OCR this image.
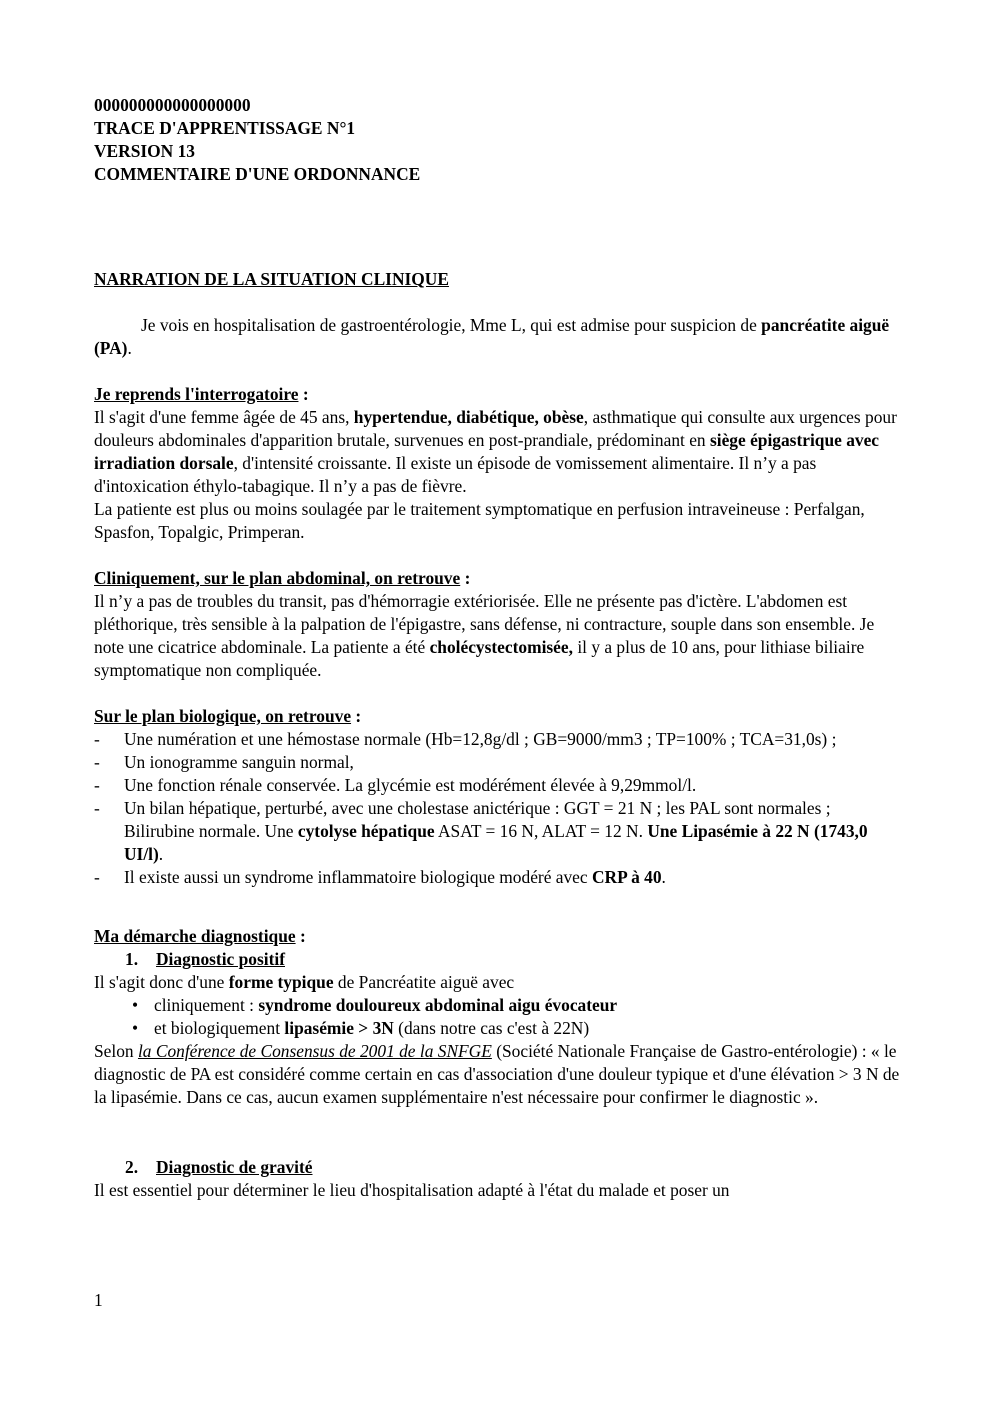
000000000000000000

TRACE D'APPRENTISSAGE N°1

VERSION 13

COMMENTAIRE D'UNE ORDONNANCE

NARRATION DE LA SITUATION CLINIQUE

Je vois en hospitalisation de gastroentérologie, Mme L, qui est admise pour suspicion de pancréatite aiguë (PA).

Je reprends l'interrogatoire :

Il s'agit d'une femme âgée de 45 ans, hypertendue, diabétique, obèse, asthmatique qui consulte aux urgences pour douleurs abdominales d'apparition brutale, survenues en post-prandiale, prédominant en siège épigastrique avec irradiation dorsale, d'intensité croissante. Il existe un épisode de vomissement alimentaire. Il n’y a pas d'intoxication éthylo-tabagique. Il n’y a pas de fièvre.

La patiente est plus ou moins soulagée par le traitement symptomatique en perfusion intraveineuse : Perfalgan, Spasfon, Topalgic, Primperan.

Cliniquement, sur le plan abdominal, on retrouve :

Il n’y a pas de troubles du transit, pas d'hémorragie extériorisée. Elle ne présente pas d'ictère. L'abdomen est pléthorique, très sensible à la palpation de l'épigastre, sans défense, ni contracture, souple dans son ensemble. Je note une cicatrice abdominale. La patiente a été cholécystectomisée, il y a plus de 10 ans, pour lithiase biliaire symptomatique non compliquée.

Sur le plan biologique, on retrouve :

- Une numération et une hémostase normale (Hb=12,8g/dl ; GB=9000/mm3 ; TP=100% ; TCA=31,0s) ;
- Un ionogramme sanguin normal,
- Une fonction rénale conservée. La glycémie est modérément élevée à 9,29mmol/l.
- Un bilan hépatique, perturbé, avec une cholestase anictérique : GGT = 21 N ; les PAL sont normales ; Bilirubine normale. Une cytolyse hépatique ASAT = 16 N, ALAT = 12 N. Une Lipasémie à 22 N (1743,0 UI/l).
- Il existe aussi un syndrome inflammatoire biologique modéré avec CRP à 40.

Ma démarche diagnostique :

1. Diagnostic positif

Il s'agit donc d'une forme typique de Pancréatite aiguë avec

• cliniquement : syndrome douloureux abdominal aigu évocateur
• et biologiquement lipasémie > 3N (dans notre cas c'est à 22N)

Selon la Conférence de Consensus de 2001 de la SNFGE (Société Nationale Française de Gastro-entérologie) : « le diagnostic de PA est considéré comme certain en cas d'association d'une douleur typique et d'une élévation > 3 N de la lipasémie. Dans ce cas, aucun examen supplémentaire n'est nécessaire pour confirmer le diagnostic ».

2. Diagnostic de gravité

Il est essentiel pour déterminer le lieu d'hospitalisation adapté à l'état du malade et poser un

1
